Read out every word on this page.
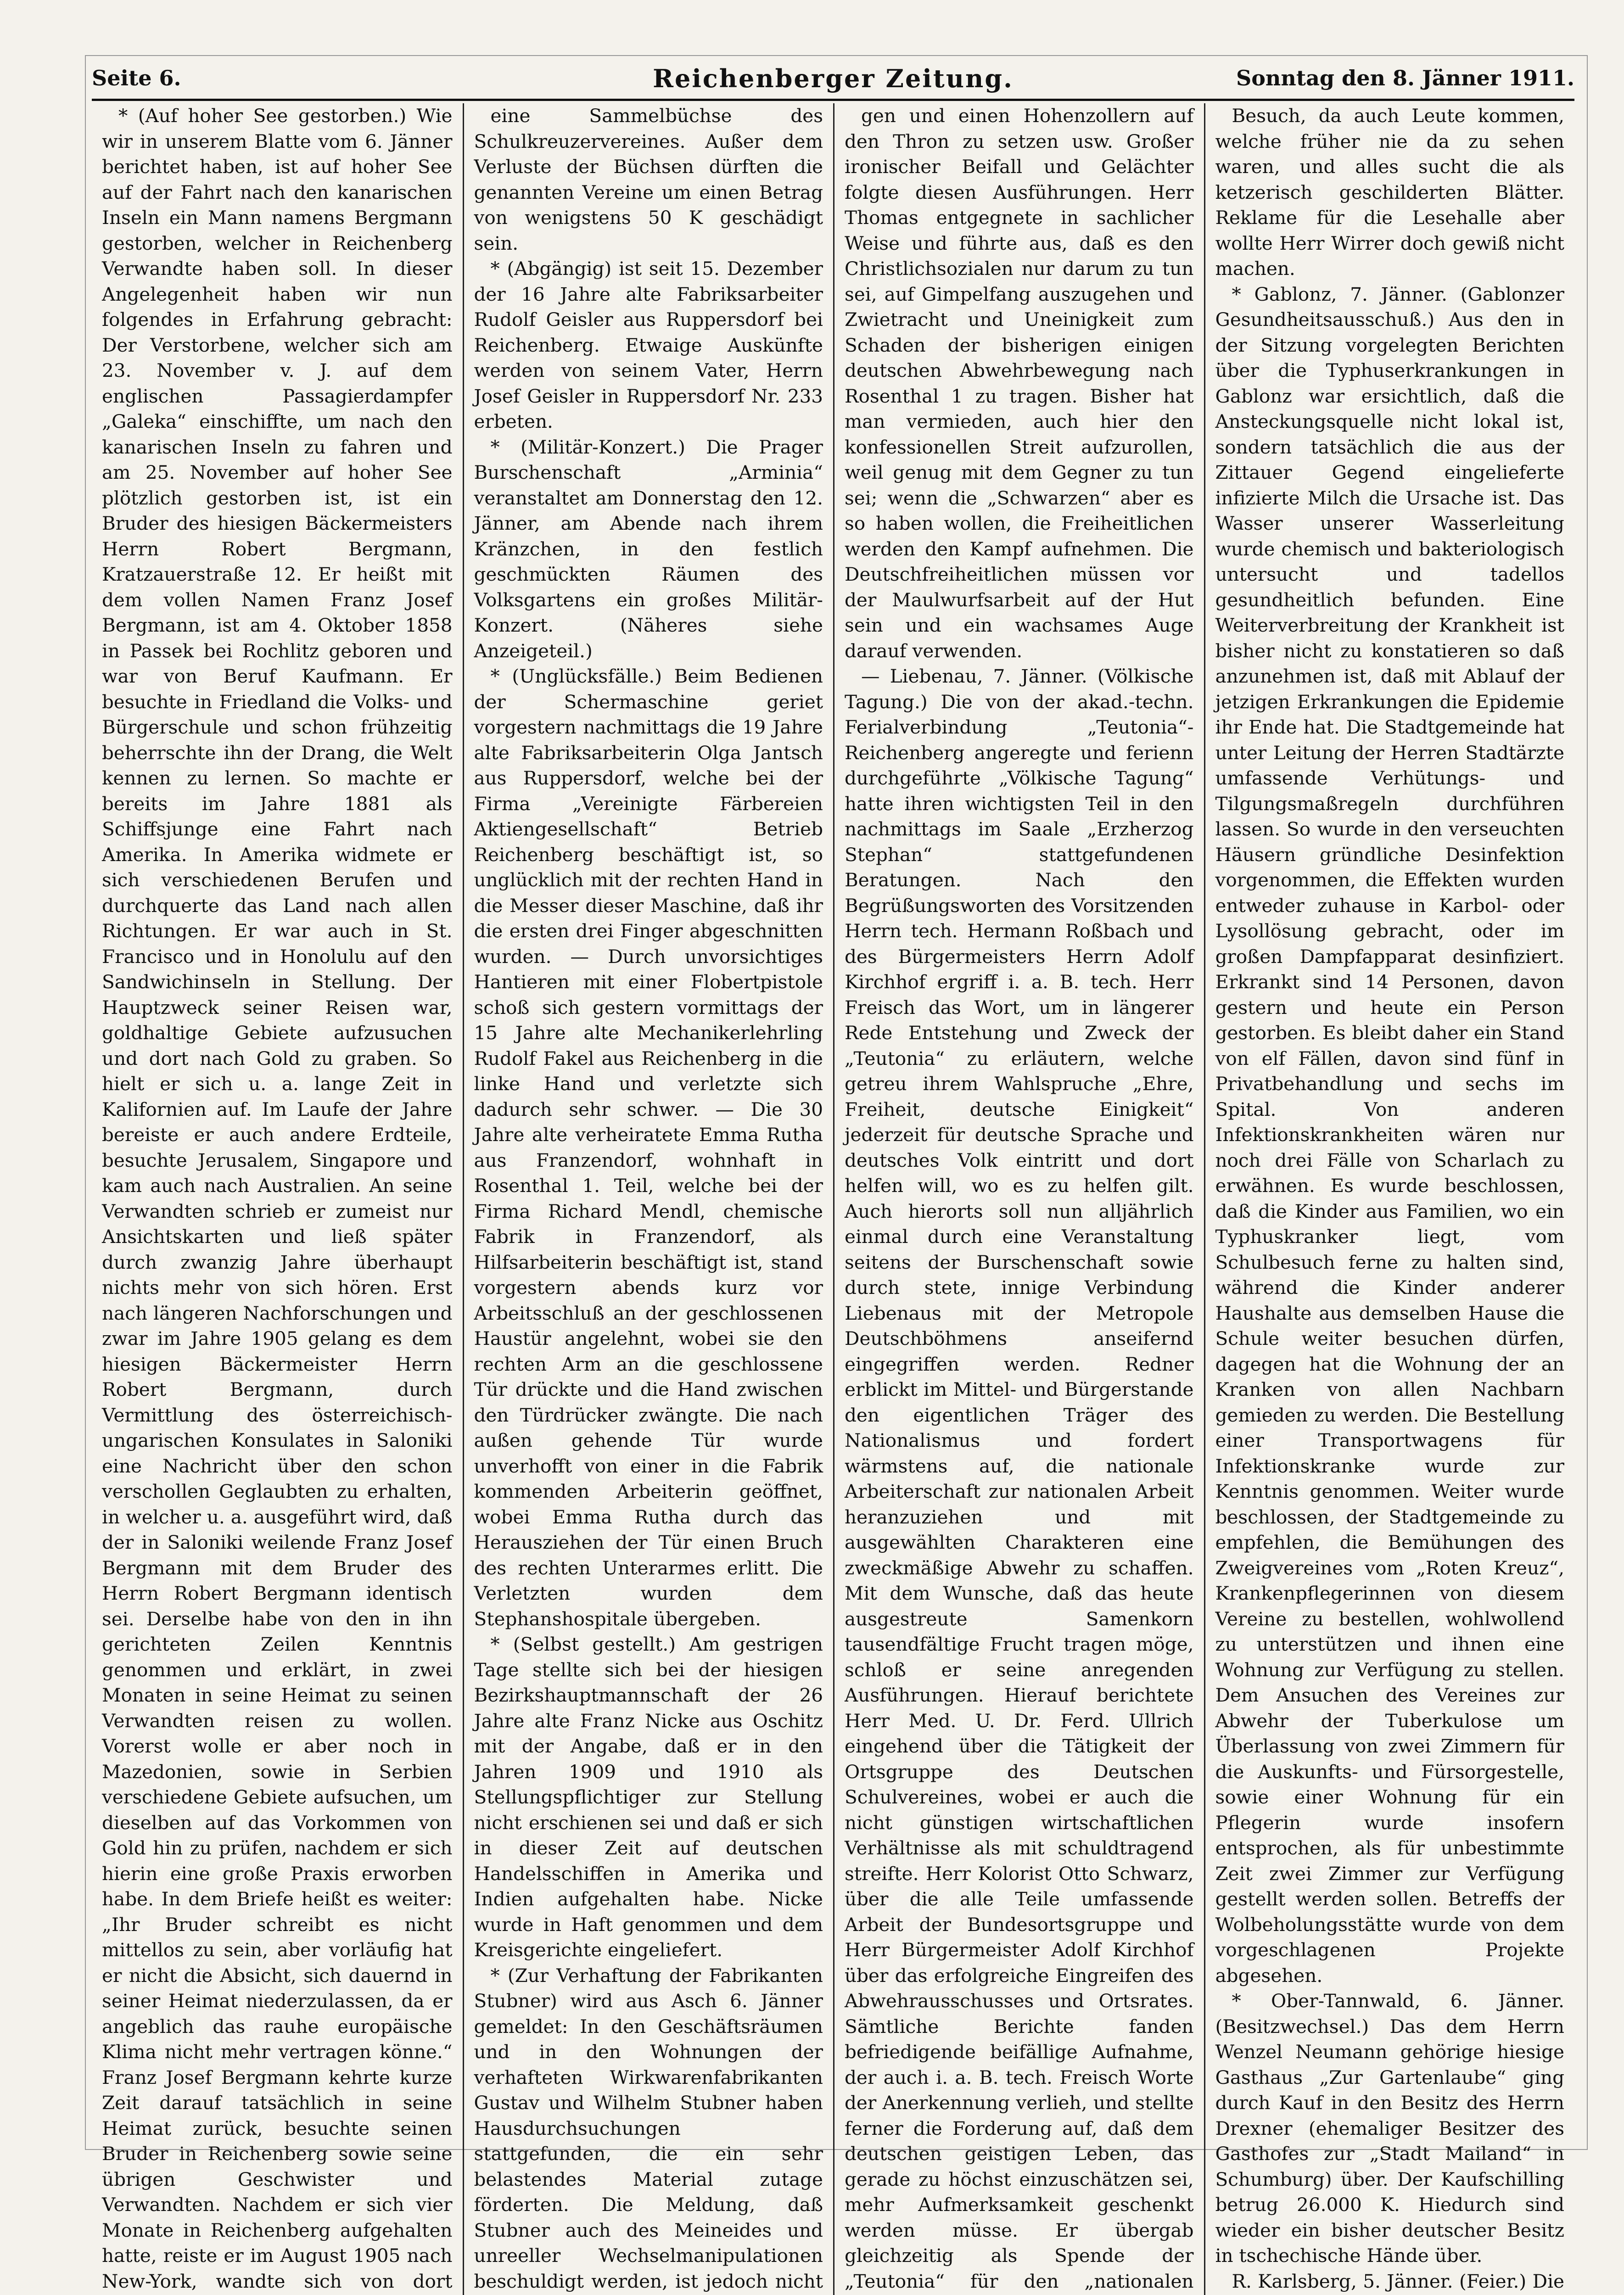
Seite 6.	Reichenberger Zeitung.	Sonntag den 8. Jänner 1911.

* (Auf hoher See gestorben.) Wie wir in unserem Blatte vom 6. Jänner berichtet haben, ist auf hoher See auf der Fahrt nach den kanarischen Inseln ein Mann namens Bergmann gestorben, welcher in Reichenberg Verwandte haben soll. In dieser Angelegenheit haben wir nun folgendes in Erfahrung gebracht: Der Verstorbene, welcher sich am 23. November v. J. auf dem englischen Passagierdampfer „Galeka“ einschiffte, um nach den kanarischen Inseln zu fahren und am 25. November auf hoher See plötzlich gestorben ist, ist ein Bruder des hiesigen Bäckermeisters Herrn Robert Bergmann, Kratzauerstraße 12. Er heißt mit dem vollen Namen Franz Josef Bergmann, ist am 4. Oktober 1858 in Passek bei Rochlitz geboren und war von Beruf Kaufmann. Er besuchte in Friedland die Volks- und Bürgerschule und schon frühzeitig beherrschte ihn der Drang, die Welt kennen zu lernen. So machte er bereits im Jahre 1881 als Schiffsjunge eine Fahrt nach Amerika. In Amerika widmete er sich verschiedenen Berufen und durchquerte das Land nach allen Richtungen. Er war auch in St. Francisco und in Honolulu auf den Sandwichinseln in Stellung. Der Hauptzweck seiner Reisen war, goldhaltige Gebiete aufzusuchen und dort nach Gold zu graben. So hielt er sich u. a. lange Zeit in Kalifornien auf. Im Laufe der Jahre bereiste er auch andere Erdteile, besuchte Jerusalem, Singapore und kam auch nach Australien. An seine Verwandten schrieb er zumeist nur Ansichtskarten und ließ später durch zwanzig Jahre überhaupt nichts mehr von sich hören. Erst nach längeren Nachforschungen und zwar im Jahre 1905 gelang es dem hiesigen Bäckermeister Herrn Robert Bergmann, durch Vermittlung des österreichisch-ungarischen Konsulates in Saloniki eine Nachricht über den schon verschollen Geglaubten zu erhalten, in welcher u. a. ausgeführt wird, daß der in Saloniki weilende Franz Josef Bergmann mit dem Bruder des Herrn Robert Bergmann identisch sei. Derselbe habe von den in ihn gerichteten Zeilen Kenntnis genommen und erklärt, in zwei Monaten in seine Heimat zu seinen Verwandten reisen zu wollen. Vorerst wolle er aber noch in Mazedonien, sowie in Serbien verschiedene Gebiete aufsuchen, um dieselben auf das Vorkommen von Gold hin zu prüfen, nachdem er sich hierin eine große Praxis erworben habe. In dem Briefe heißt es weiter: „Ihr Bruder schreibt es nicht mittellos zu sein, aber vorläufig hat er nicht die Absicht, sich dauernd in seiner Heimat niederzulassen, da er angeblich das rauhe europäische Klima nicht mehr vertragen könne.“ Franz Josef Bergmann kehrte kurze Zeit darauf tatsächlich in seine Heimat zurück, besuchte seinen Bruder in Reichenberg sowie seine übrigen Geschwister und Verwandten. Nachdem er sich vier Monate in Reichenberg aufgehalten hatte, reiste er im August 1905 nach New-York, wandte sich von dort

eine Sammelbüchse des Schulkreuzervereines. Außer dem Verluste der Büchsen dürften die genannten Vereine um einen Betrag von wenigstens 50 K geschädigt sein.

* (Abgängig) ist seit 15. Dezember der 16 Jahre alte Fabriksarbeiter Rudolf Geisler aus Ruppersdorf bei Reichenberg. Etwaige Auskünfte werden von seinem Vater, Herrn Josef Geisler in Ruppersdorf Nr. 233 erbeten.

* (Militär-Konzert.) Die Prager Burschenschaft „Arminia“ veranstaltet am Donnerstag den 12. Jänner, am Abende nach ihrem Kränzchen, in den festlich geschmückten Räumen des Volksgartens ein großes Militär-Konzert. (Näheres siehe Anzeigeteil.)

* (Unglücksfälle.) Beim Bedienen der Schermaschine geriet vorgestern nachmittags die 19 Jahre alte Fabriksarbeiterin Olga Jantsch aus Ruppersdorf, welche bei der Firma „Vereinigte Färbereien Aktiengesellschaft“ Betrieb Reichenberg beschäftigt ist, so unglücklich mit der rechten Hand in die Messer dieser Maschine, daß ihr die ersten drei Finger abgeschnitten wurden. — Durch unvorsichtiges Hantieren mit einer Flobertpistole schoß sich gestern vormittags der 15 Jahre alte Mechanikerlehrling Rudolf Fakel aus Reichenberg in die linke Hand und verletzte sich dadurch sehr schwer. — Die 30 Jahre alte verheiratete Emma Rutha aus Franzendorf, wohnhaft in Rosenthal 1. Teil, welche bei der Firma Richard Mendl, chemische Fabrik in Franzendorf, als Hilfsarbeiterin beschäftigt ist, stand vorgestern abends kurz vor Arbeitsschluß an der geschlossenen Haustür angelehnt, wobei sie den rechten Arm an die geschlossene Tür drückte und die Hand zwischen den Türdrücker zwängte. Die nach außen gehende Tür wurde unverhofft von einer in die Fabrik kommenden Arbeiterin geöffnet, wobei Emma Rutha durch das Herausziehen der Tür einen Bruch des rechten Unterarmes erlitt. Die Verletzten wurden dem Stephanshospitale übergeben.

* (Selbst gestellt.) Am gestrigen Tage stellte sich bei der hiesigen Bezirkshauptmannschaft der 26 Jahre alte Franz Nicke aus Oschitz mit der Angabe, daß er in den Jahren 1909 und 1910 als Stellungspflichtiger zur Stellung nicht erschienen sei und daß er sich in dieser Zeit auf deutschen Handelsschiffen in Amerika und Indien aufgehalten habe. Nicke wurde in Haft genommen und dem Kreisgerichte eingeliefert.

* (Zur Verhaftung der Fabrikanten Stubner) wird aus Asch 6. Jänner gemeldet: In den Geschäftsräumen und in den Wohnungen der verhafteten Wirkwarenfabrikanten Gustav und Wilhelm Stubner haben Hausdurchsuchungen stattgefunden, die ein sehr belastendes Material zutage förderten. Die Meldung, daß Stubner auch des Meineides und unreeller Wechselmanipulationen beschuldigt werden, ist jedoch nicht

gen und einen Hohenzollern auf den Thron zu setzen usw. Großer ironischer Beifall und Gelächter folgte diesen Ausführungen. Herr Thomas entgegnete in sachlicher Weise und führte aus, daß es den Christlichsozialen nur darum zu tun sei, auf Gimpelfang auszugehen und Zwietracht und Uneinigkeit zum Schaden der bisherigen einigen deutschen Abwehrbewegung nach Rosenthal 1 zu tragen. Bisher hat man vermieden, auch hier den konfessionellen Streit aufzurollen, weil genug mit dem Gegner zu tun sei; wenn die „Schwarzen“ aber es so haben wollen, die Freiheitlichen werden den Kampf aufnehmen. Die Deutschfreiheitlichen müssen vor der Maulwurfsarbeit auf der Hut sein und ein wachsames Auge darauf verwenden.

— Liebenau, 7. Jänner. (Völkische Tagung.) Die von der akad.-techn. Ferialverbindung „Teutonia“-Reichenberg angeregte und ferienn durchgeführte „Völkische Tagung“ hatte ihren wichtigsten Teil in den nachmittags im Saale „Erzherzog Stephan“ stattgefundenen Beratungen. Nach den Begrüßungsworten des Vorsitzenden Herrn tech. Hermann Roßbach und des Bürgermeisters Herrn Adolf Kirchhof ergriff i. a. B. tech. Herr Freisch das Wort, um in längerer Rede Entstehung und Zweck der „Teutonia“ zu erläutern, welche getreu ihrem Wahlspruche „Ehre, Freiheit, deutsche Einigkeit“ jederzeit für deutsche Sprache und deutsches Volk eintritt und dort helfen will, wo es zu helfen gilt. Auch hierorts soll nun alljährlich einmal durch eine Veranstaltung seitens der Burschenschaft sowie durch stete, innige Verbindung Liebenaus mit der Metropole Deutschböhmens anseifernd eingegriffen werden. Redner erblickt im Mittel- und Bürgerstande den eigentlichen Träger des Nationalismus und fordert wärmstens auf, die nationale Arbeiterschaft zur nationalen Arbeit heranzuziehen und mit ausgewählten Charakteren eine zweckmäßige Abwehr zu schaffen. Mit dem Wunsche, daß das heute ausgestreute Samenkorn tausendfältige Frucht tragen möge, schloß er seine anregenden Ausführungen. Hierauf berichtete Herr Med. U. Dr. Ferd. Ullrich eingehend über die Tätigkeit der Ortsgruppe des Deutschen Schulvereines, wobei er auch die nicht günstigen wirtschaftlichen Verhältnisse als mit schuldtragend streifte. Herr Kolorist Otto Schwarz, über die alle Teile umfassende Arbeit der Bundesortsgruppe und Herr Bürgermeister Adolf Kirchhof über das erfolgreiche Eingreifen des Abwehrausschusses und Ortsrates. Sämtliche Berichte fanden befriedigende beifällige Aufnahme, der auch i. a. B. tech. Freisch Worte der Anerkennung verlieh, und stellte ferner die Forderung auf, daß dem deutschen geistigen Leben, das gerade zu höchst einzuschätzen sei, mehr Aufmerksamkeit geschenkt werden müsse. Er übergab gleichzeitig als Spende der „Teutonia“ für den „nationalen

Besuch, da auch Leute kommen, welche früher nie da zu sehen waren, und alles sucht die als ketzerisch geschilderten Blätter. Reklame für die Lesehalle aber wollte Herr Wirrer doch gewiß nicht machen.

* Gablonz, 7. Jänner. (Gablonzer Gesundheitsausschuß.) Aus den in der Sitzung vorgelegten Berichten über die Typhuserkrankungen in Gablonz war ersichtlich, daß die Ansteckungsquelle nicht lokal ist, sondern tatsächlich die aus der Zittauer Gegend eingelieferte infizierte Milch die Ursache ist. Das Wasser unserer Wasserleitung wurde chemisch und bakteriologisch untersucht und tadellos gesundheitlich befunden. Eine Weiterverbreitung der Krankheit ist bisher nicht zu konstatieren so daß anzunehmen ist, daß mit Ablauf der jetzigen Erkrankungen die Epidemie ihr Ende hat. Die Stadtgemeinde hat unter Leitung der Herren Stadtärzte umfassende Verhütungs- und Tilgungsmaßregeln durchführen lassen. So wurde in den verseuchten Häusern gründliche Desinfektion vorgenommen, die Effekten wurden entweder zuhause in Karbol- oder Lysollösung gebracht, oder im großen Dampfapparat desinfiziert. Erkrankt sind 14 Personen, davon gestern und heute ein Person gestorben. Es bleibt daher ein Stand von elf Fällen, davon sind fünf in Privatbehandlung und sechs im Spital. Von anderen Infektionskrankheiten wären nur noch drei Fälle von Scharlach zu erwähnen. Es wurde beschlossen, daß die Kinder aus Familien, wo ein Typhuskranker liegt, vom Schulbesuch ferne zu halten sind, während die Kinder anderer Haushalte aus demselben Hause die Schule weiter besuchen dürfen, dagegen hat die Wohnung der an Kranken von allen Nachbarn gemieden zu werden. Die Bestellung einer Transportwagens für Infektionskranke wurde zur Kenntnis genommen. Weiter wurde beschlossen, der Stadtgemeinde zu empfehlen, die Bemühungen des Zweigvereines vom „Roten Kreuz“, Krankenpflegerinnen von diesem Vereine zu bestellen, wohlwollend zu unterstützen und ihnen eine Wohnung zur Verfügung zu stellen. Dem Ansuchen des Vereines zur Abwehr der Tuberkulose um Überlassung von zwei Zimmern für die Auskunfts- und Fürsorgestelle, sowie einer Wohnung für ein Pflegerin wurde insofern entsprochen, als für unbestimmte Zeit zwei Zimmer zur Verfügung gestellt werden sollen. Betreffs der Wolbeholungsstätte wurde von dem vorgeschlagenen Projekte abgesehen.

* Ober-Tannwald, 6. Jänner. (Besitzwechsel.) Das dem Herrn Wenzel Neumann gehörige hiesige Gasthaus „Zur Gartenlaube“ ging durch Kauf in den Besitz des Herrn Drexner (ehemaliger Besitzer des Gasthofes zur „Stadt Mailand“ in Schumburg) über. Der Kaufschilling betrug 26.000 K. Hiedurch sind wieder ein bisher deutscher Besitz in tschechische Hände über.

R. Karlsberg, 5. Jänner. (Feier.) Die
